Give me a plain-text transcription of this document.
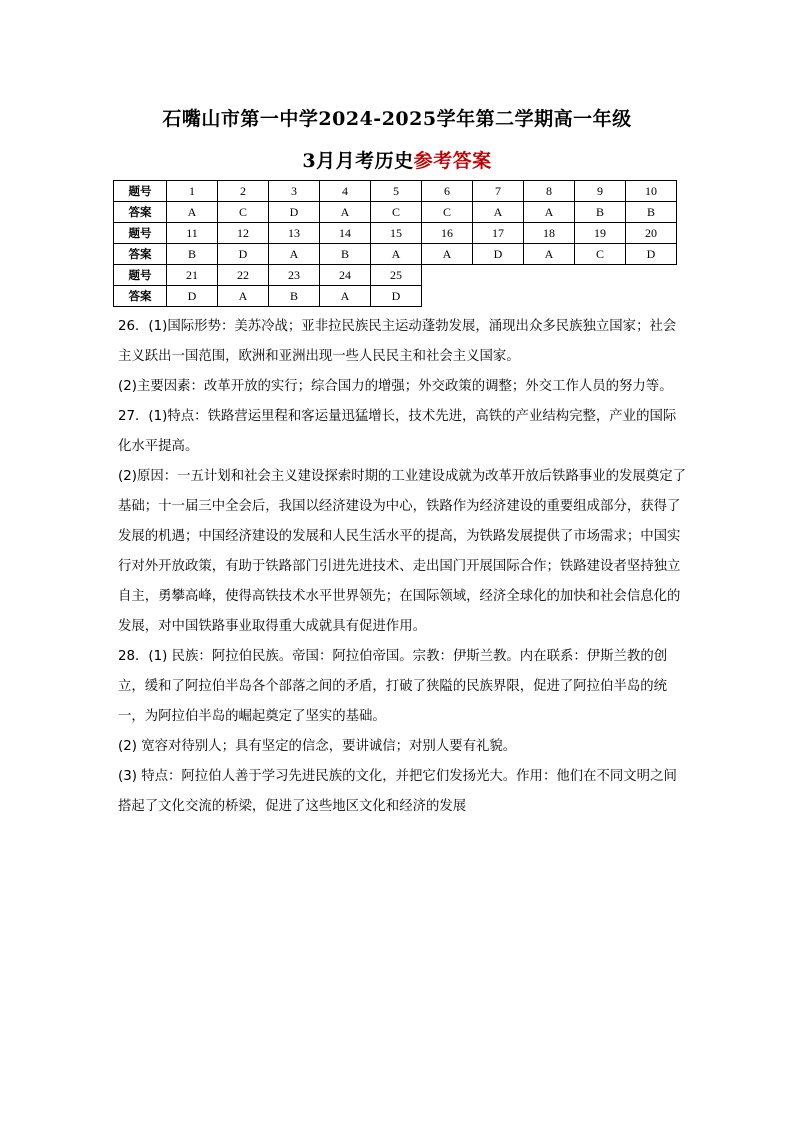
石嘴山市第一中学2024-2025学年第二学期高一年级
3月月考历史参考答案
题号	1	2	3	4	5	6	7	8	9	10
答案	A	C	D	A	C	C	A	A	B	B
题号	11	12	13	14	15	16	17	18	19	20
答案	B	D	A	B	A	A	D	A	C	D
题号	21	22	23	24	25					
答案	D	A	B	A	D					

26．(1)国际形势：美苏冷战；亚非拉民族民主运动蓬勃发展，涌现出众多民族独立国家；社会主义跃出一国范围，欧洲和亚洲出现一些人民民主和社会主义国家。

(2)主要因素：改革开放的实行；综合国力的增强；外交政策的调整；外交工作人员的努力等。

27．(1)特点：铁路营运里程和客运量迅猛增长，技术先进，高铁的产业结构完整，产业的国际化水平提高。

(2)原因：一五计划和社会主义建设探索时期的工业建设成就为改革开放后铁路事业的发展奠定了基础；十一届三中全会后，我国以经济建设为中心，铁路作为经济建设的重要组成部分，获得了发展的机遇；中国经济建设的发展和人民生活水平的提高，为铁路发展提供了市场需求；中国实行对外开放政策，有助于铁路部门引进先进技术、走出国门开展国际合作；铁路建设者坚持独立自主，勇攀高峰，使得高铁技术水平世界领先；在国际领域，经济全球化的加快和社会信息化的发展，对中国铁路事业取得重大成就具有促进作用。

28．(1) 民族：阿拉伯民族。帝国：阿拉伯帝国。宗教：伊斯兰教。内在联系：伊斯兰教的创立，缓和了阿拉伯半岛各个部落之间的矛盾，打破了狭隘的民族界限，促进了阿拉伯半岛的统一，为阿拉伯半岛的崛起奠定了坚实的基础。

(2) 宽容对待别人；具有坚定的信念，要讲诚信；对别人要有礼貌。

(3) 特点：阿拉伯人善于学习先进民族的文化，并把它们发扬光大。作用：他们在不同文明之间搭起了文化交流的桥梁，促进了这些地区文化和经济的发展
